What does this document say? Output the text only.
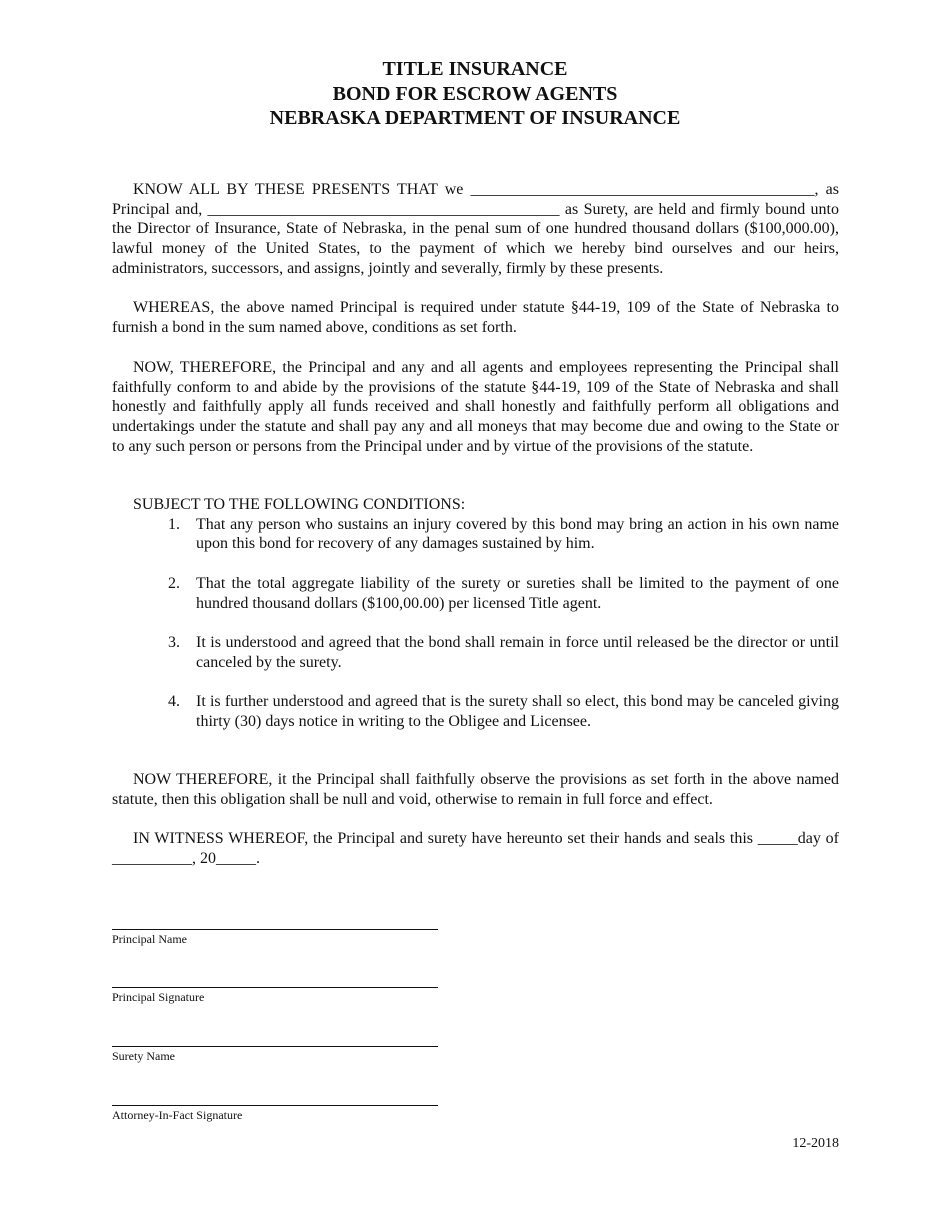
TITLE INSURANCE
BOND FOR ESCROW AGENTS
NEBRASKA DEPARTMENT OF INSURANCE

KNOW ALL BY THESE PRESENTS THAT we ___________________________________________, as Principal and, ____________________________________________ as Surety, are held and firmly bound unto the Director of Insurance, State of Nebraska, in the penal sum of one hundred thousand dollars ($100,000.00), lawful money of the United States, to the payment of which we hereby bind ourselves and our heirs, administrators, successors, and assigns, jointly and severally, firmly by these presents.

WHEREAS, the above named Principal is required under statute §44-19, 109 of the State of Nebraska to furnish a bond in the sum named above, conditions as set forth.

NOW, THEREFORE, the Principal and any and all agents and employees representing the Principal shall faithfully conform to and abide by the provisions of the statute §44-19, 109 of the State of Nebraska and shall honestly and faithfully apply all funds received and shall honestly and faithfully perform all obligations and undertakings under the statute and shall pay any and all moneys that may become due and owing to the State or to any such person or persons from the Principal under and by virtue of the provisions of the statute.

SUBJECT TO THE FOLLOWING CONDITIONS:

1. That any person who sustains an injury covered by this bond may bring an action in his own name upon this bond for recovery of any damages sustained by him.
2. That the total aggregate liability of the surety or sureties shall be limited to the payment of one hundred thousand dollars ($100,00.00) per licensed Title agent.
3. It is understood and agreed that the bond shall remain in force until released be the director or until canceled by the surety.
4. It is further understood and agreed that is the surety shall so elect, this bond may be canceled giving thirty (30) days notice in writing to the Obligee and Licensee.

NOW THEREFORE, it the Principal shall faithfully observe the provisions as set forth in the above named statute, then this obligation shall be null and void, otherwise to remain in full force and effect.

IN WITNESS WHEREOF, the Principal and surety have hereunto set their hands and seals this _____day of __________, 20_____.

Principal Name
Principal Signature
Surety Name
Attorney-In-Fact Signature
12-2018
